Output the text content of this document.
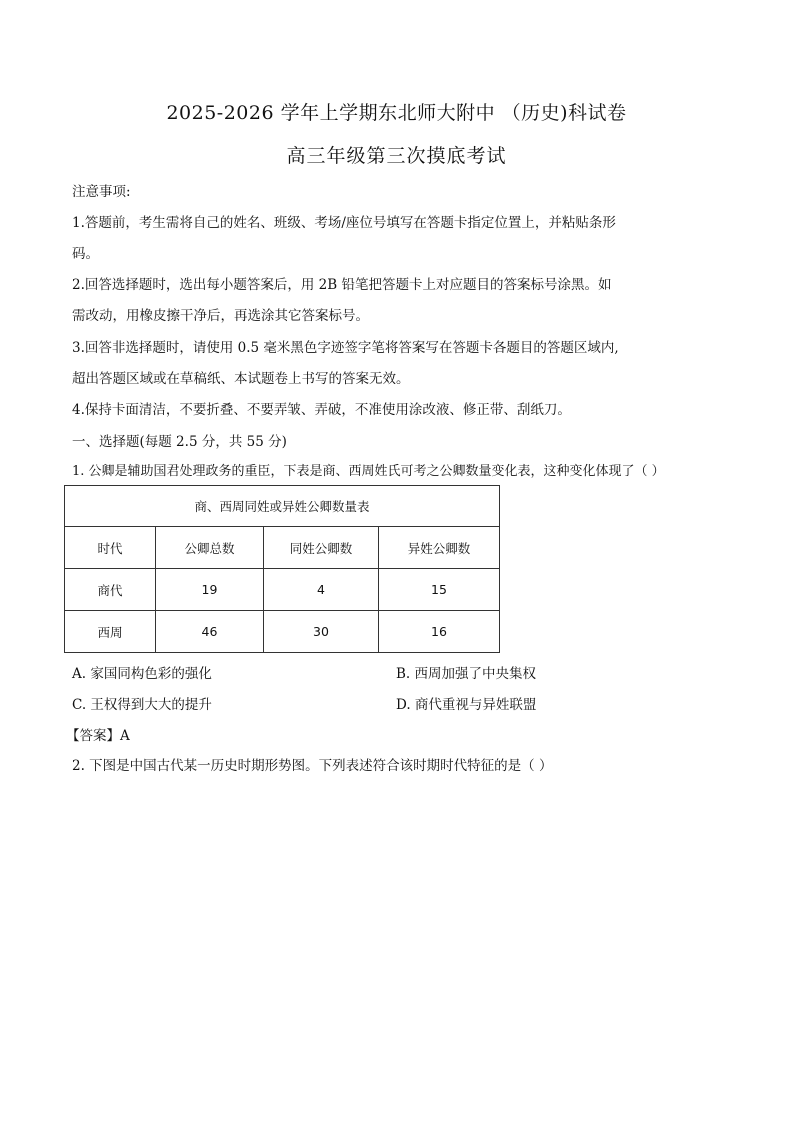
2025-2026 学年上学期东北师大附中 （历史)科试卷
高三年级第三次摸底考试
注意事项:
1.答题前，考生需将自己的姓名、班级、考场/座位号填写在答题卡指定位置上，并粘贴条形
码。
2.回答选择题时，选出每小题答案后，用 2B 铅笔把答题卡上对应题目的答案标号涂黑。如
需改动，用橡皮擦干净后，再选涂其它答案标号。
3.回答非选择题时，请使用 0.5 毫米黑色字迹签字笔将答案写在答题卡各题目的答题区域内,
超出答题区域或在草稿纸、本试题卷上书写的答案无效。
4.保持卡面清洁，不要折叠、不要弄皱、弄破，不准使用涂改液、修正带、刮纸刀。
一、选择题(每题 2.5 分，共 55 分)
1. 公卿是辅助国君处理政务的重臣，下表是商、西周姓氏可考之公卿数量变化表，这种变化体现了（ ）
商、西周同姓或异姓公卿数量表			
时代	公卿总数	同姓公卿数	异姓公卿数
商代	19	4	15
西周	46	30	16
A. 家国同构色彩的强化	B. 西周加强了中央集权
C. 王权得到大大的提升	D. 商代重视与异姓联盟
【答案】A
2. 下图是中国古代某一历史时期形势图。下列表述符合该时期时代特征的是（ ）
